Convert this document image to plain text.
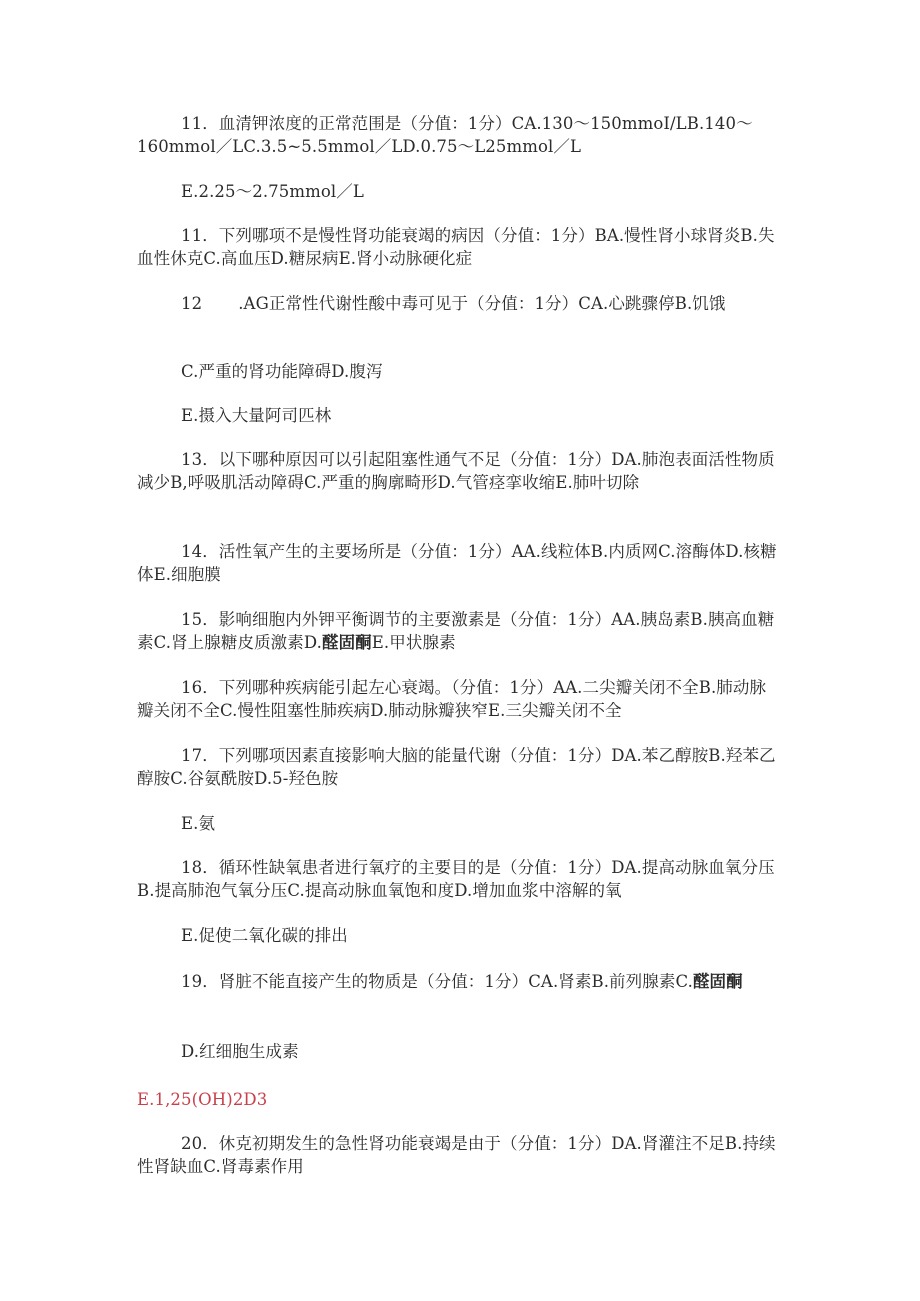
11．血清钾浓度的正常范围是（分值：1分）CA.130～150mmoI/LB.140～160mmol／LC.3.5~5.5mmol／LD.0.75～L25mmol／L

E.2.25～2.75mmol／L

11．下列哪项不是慢性肾功能衰竭的病因（分值：1分）BA.慢性肾小球肾炎B.失血性休克C.高血压D.糖尿病E.肾小动脉硬化症

12 .AG正常性代谢性酸中毒可见于（分值：1分）CA.心跳骤停B.饥饿

C.严重的肾功能障碍D.腹泻

E.摄入大量阿司匹林

13．以下哪种原因可以引起阻塞性通气不足（分值：1分）DA.肺泡表面活性物质减少B,呼吸肌活动障碍C.严重的胸廓畸形D.气管痉挛收缩E.肺叶切除

14．活性氧产生的主要场所是（分值：1分）AA.线粒体B.内质网C.溶酶体D.核糖体E.细胞膜

15．影响细胞内外钾平衡调节的主要激素是（分值：1分）AA.胰岛素B.胰高血糖素C.肾上腺糖皮质激素D.醛固酮E.甲状腺素

16．下列哪种疾病能引起左心衰竭。（分值：1分）AA.二尖瓣关闭不全B.肺动脉瓣关闭不全C.慢性阻塞性肺疾病D.肺动脉瓣狭窄E.三尖瓣关闭不全

17．下列哪项因素直接影响大脑的能量代谢（分值：1分）DA.苯乙醇胺B.羟苯乙醇胺C.谷氨酰胺D.5-羟色胺

E.氨

18．循环性缺氧患者进行氧疗的主要目的是（分值：1分）DA.提高动脉血氧分压B.提高肺泡气氧分压C.提高动脉血氧饱和度D.增加血浆中溶解的氧

E.促使二氧化碳的排出

19．肾脏不能直接产生的物质是（分值：1分）CA.肾素B.前列腺素C.醛固酮

D.红细胞生成素

E.1,25(OH)2D3

20．休克初期发生的急性肾功能衰竭是由于（分值：1分）DA.肾灌注不足B.持续性肾缺血C.肾毒素作用
